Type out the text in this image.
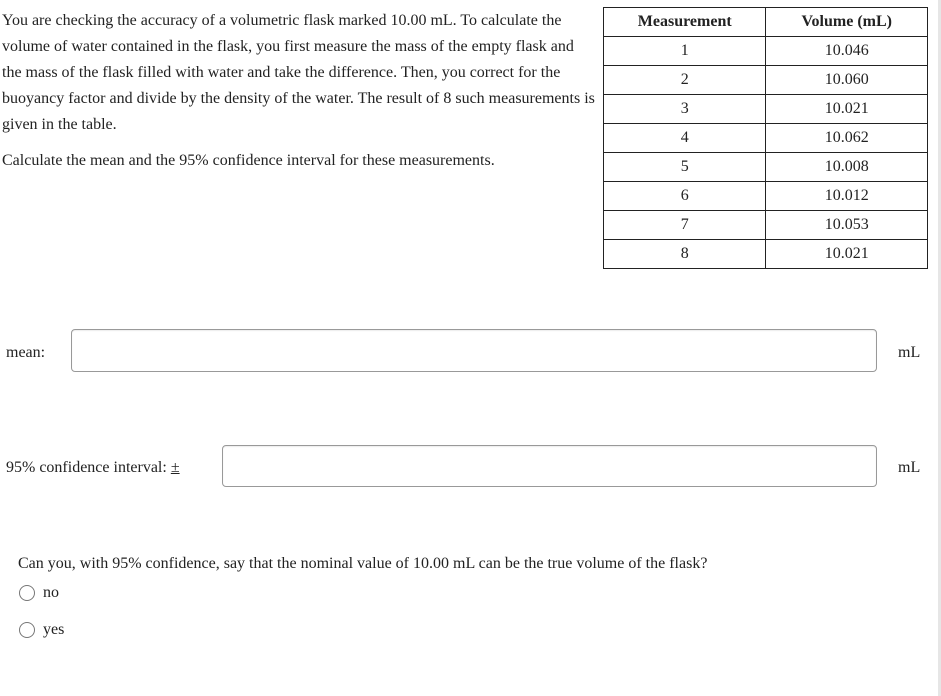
You are checking the accuracy of a volumetric flask marked 10.00 mL. To calculate the volume of water contained in the flask, you first measure the mass of the empty flask and the mass of the flask filled with water and take the difference. Then, you correct for the buoyancy factor and divide by the density of the water. The result of 8 such measurements is given in the table.

Calculate the mean and the 95% confidence interval for these measurements.

Measurement	Volume (mL)
1	10.046
2	10.060
3	10.021
4	10.062
5	10.008
6	10.012
7	10.053
8	10.021
mean:	mL
95% confidence interval: ±	mL
Can you, with 95% confidence, say that the nominal value of 10.00 mL can be the true volume of the flask?
no
yes
